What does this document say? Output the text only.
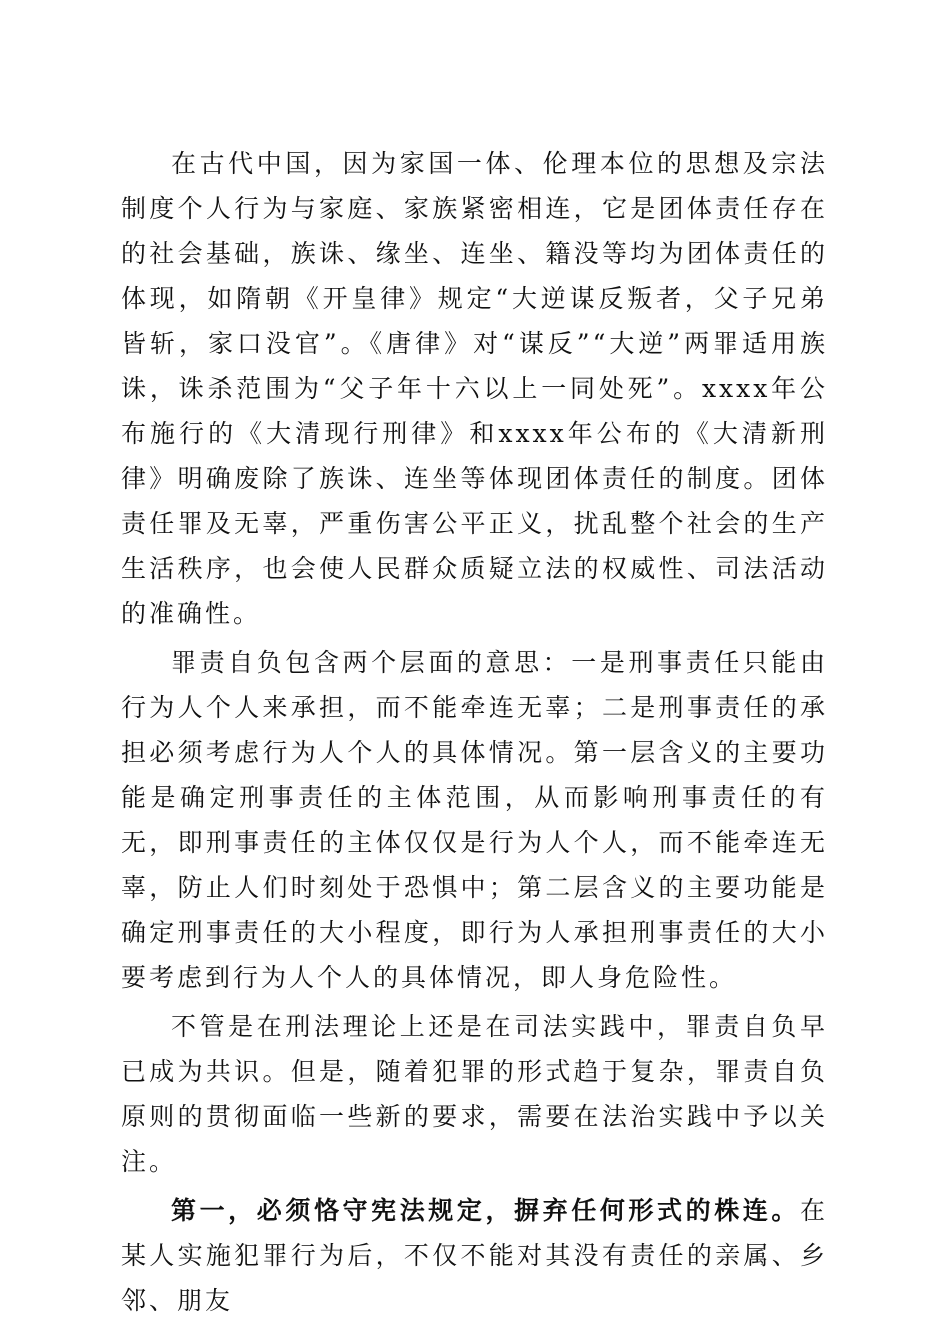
在古代中国，因为家国一体、伦理本位的思想及宗法制度个人行为与家庭、家族紧密相连，它是团体责任存在的社会基础，族诛、缘坐、连坐、籍没等均为团体责任的体现，如隋朝《开皇律》规定“大逆谋反叛者，父子兄弟皆斩，家口没官”。《唐律》对“谋反”“大逆”两罪适用族诛，诛杀范围为“父子年十六以上一同处死”。xxxx年公布施行的《大清现行刑律》和xxxx年公布的《大清新刑律》明确废除了族诛、连坐等体现团体责任的制度。团体责任罪及无辜，严重伤害公平正义，扰乱整个社会的生产生活秩序，也会使人民群众质疑立法的权威性、司法活动的准确性。

罪责自负包含两个层面的意思：一是刑事责任只能由行为人个人来承担，而不能牵连无辜；二是刑事责任的承担必须考虑行为人个人的具体情况。第一层含义的主要功能是确定刑事责任的主体范围，从而影响刑事责任的有无，即刑事责任的主体仅仅是行为人个人，而不能牵连无辜，防止人们时刻处于恐惧中；第二层含义的主要功能是确定刑事责任的大小程度，即行为人承担刑事责任的大小要考虑到行为人个人的具体情况，即人身危险性。

不管是在刑法理论上还是在司法实践中，罪责自负早已成为共识。但是，随着犯罪的形式趋于复杂，罪责自负原则的贯彻面临一些新的要求，需要在法治实践中予以关注。

第一，必须恪守宪法规定，摒弃任何形式的株连。在某人实施犯罪行为后，不仅不能对其没有责任的亲属、乡邻、朋友
